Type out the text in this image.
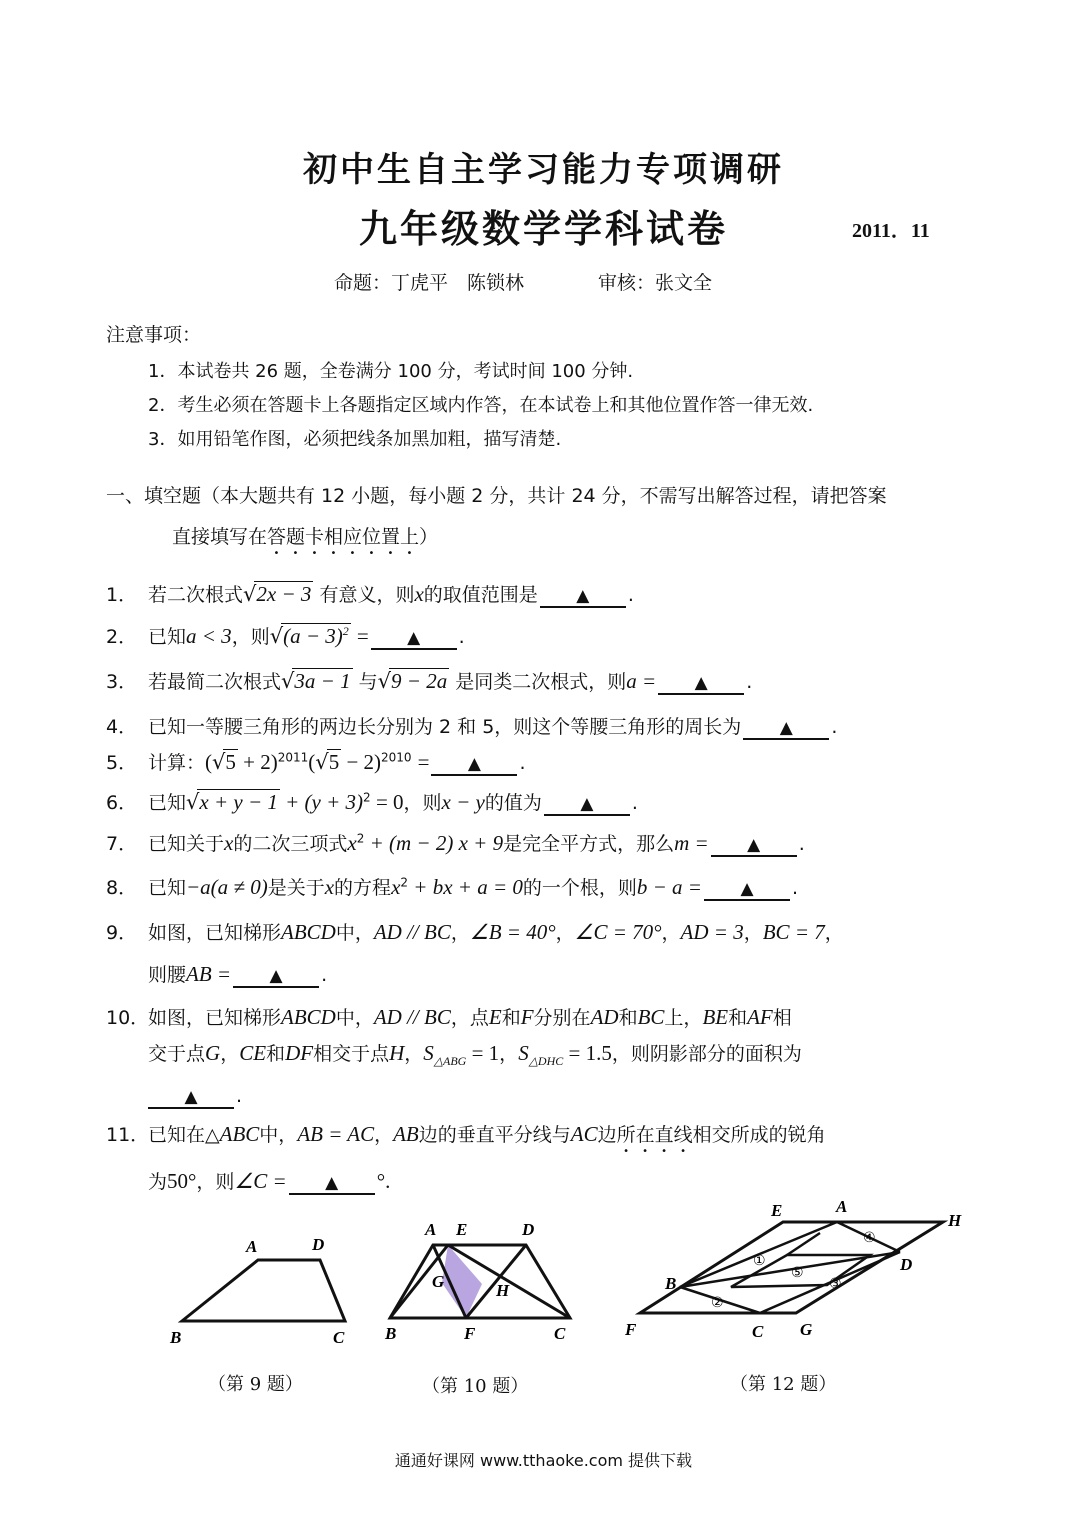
初中生自主学习能力专项调研
九年级数学学科试卷	2011．11
命题：丁虎平　陈锁林	审核：张文全
注意事项：
1．本试卷共 26 题，全卷满分 100 分，考试时间 100 分钟.
2．考生必须在答题卡上各题指定区域内作答，在本试卷上和其他位置作答一律无效.
3．如用铅笔作图，必须把线条加黑加粗，描写清楚.
一、填空题（本大题共有 12 小题，每小题 2 分，共计 24 分，不需写出解答过程，请把答案
直接填写在答题卡相应位置上）
1． 若二次根式√2x − 3 有意义，则x的取值范围是 ▲ .
2． 已知a < 3，则$√(a - 3)^2$ = ▲ .
3． 若最简二次根式√3a − 1 与√9 − 2a 是同类二次根式，则a = ▲ .
4． 已知一等腰三角形的两边长分别为 2 和 5，则这个等腰三角形的周长为 ▲ .
5． 计算：$(√5 + 2)^{2011}(√5 - 2)^{2010}$ = ▲ .
6． 已知$√x + y - 1 + (y + 3)^2 = 0$，则x − y的值为 ▲ .
7． 已知关于x的二次三项式$x^2 + (m - 2) x + 9$是完全平方式，那么m = ▲ .
8． 已知−a(a ≠ 0)是关于x的方程$x^2$ + bx + a = 0的一个根，则b − a = ▲ .
9． 如图，已知梯形ABCD中，AD // BC，∠B = 40°，∠C = 70°，AD = 3，BC = 7，
则腰AB = ▲ .
10．如图，已知梯形ABCD中，AD // BC，点E和F分别在AD和BC上，BE和AF相
交于点G，CE和DF相交于点H，$S_{\triangle ABG} = 1$，$S_{\triangle DHC} = 1.5$，则阴影部分的面积为
▲ .
11．已知在△ABC中，AB = AC，AB边的垂直平分线与AC边所在直线相交所成的锐角
为50°，则∠C = ▲ °.
A	D
B	C
（第 9 题）
A E	D
G	H
B	F	C
（第 10 题）
E	A
H
B
D
F	C G
①
②
③
④
⑤
（第 12 题）
通通好课网 www.tthaoke.com 提供下载
